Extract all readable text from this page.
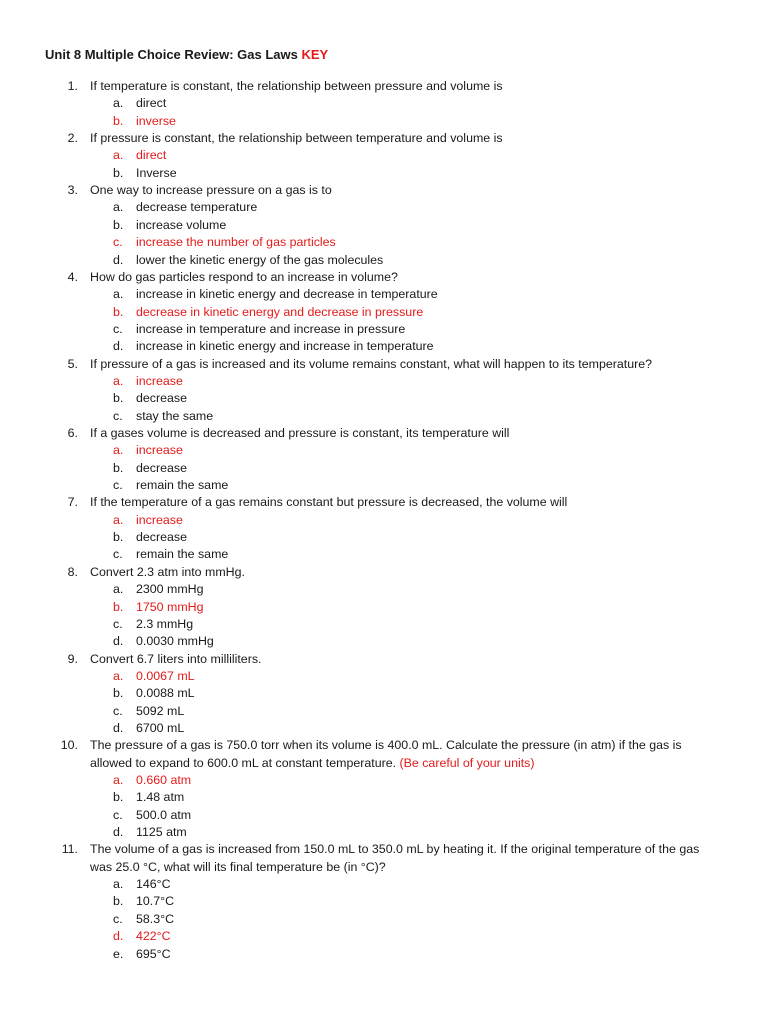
Unit 8 Multiple Choice Review: Gas Laws KEY
1. If temperature is constant, the relationship between pressure and volume is
a. direct
b. inverse
2. If pressure is constant, the relationship between temperature and volume is
a. direct
b. Inverse
3. One way to increase pressure on a gas is to
a. decrease temperature
b. increase volume
c. increase the number of gas particles
d. lower the kinetic energy of the gas molecules
4. How do gas particles respond to an increase in volume?
a. increase in kinetic energy and decrease in temperature
b. decrease in kinetic energy and decrease in pressure
c. increase in temperature and increase in pressure
d. increase in kinetic energy and increase in temperature
5. If pressure of a gas is increased and its volume remains constant, what will happen to its temperature?
a. increase
b. decrease
c. stay the same
6. If a gases volume is decreased and pressure is constant, its temperature will
a. increase
b. decrease
c. remain the same
7. If the temperature of a gas remains constant but pressure is decreased, the volume will
a. increase
b. decrease
c. remain the same
8. Convert 2.3 atm into mmHg.
a. 2300 mmHg
b. 1750 mmHg
c. 2.3 mmHg
d. 0.0030 mmHg
9. Convert 6.7 liters into milliliters.
a. 0.0067 mL
b. 0.0088 mL
c. 5092 mL
d. 6700 mL
10. The pressure of a gas is 750.0 torr when its volume is 400.0 mL. Calculate the pressure (in atm) if the gas is
allowed to expand to 600.0 mL at constant temperature. (Be careful of your units)
a. 0.660 atm
b. 1.48 atm
c. 500.0 atm
d. 1125 atm
11. The volume of a gas is increased from 150.0 mL to 350.0 mL by heating it. If the original temperature of the gas
was 25.0 °C, what will its final temperature be (in °C)?
a. 146°C
b. 10.7°C
c. 58.3°C
d. 422°C
e. 695°C
